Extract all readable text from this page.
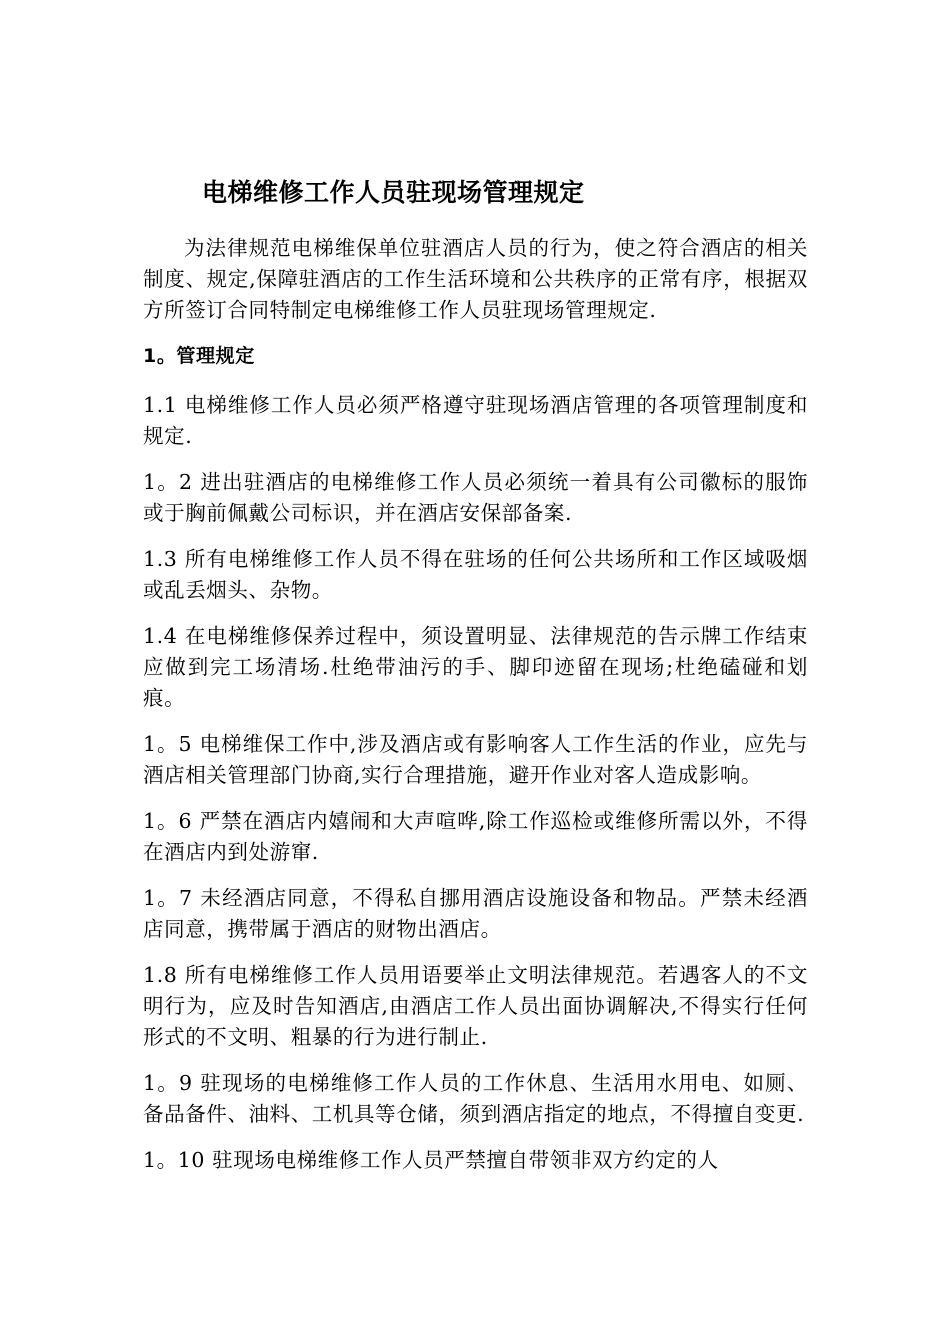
电梯维修工作人员驻现场管理规定

为法律规范电梯维保单位驻酒店人员的行为，使之符合酒店的相关制度、规定,保障驻酒店的工作生活环境和公共秩序的正常有序，根据双方所签订合同特制定电梯维修工作人员驻现场管理规定.

1。管理规定

1.1 电梯维修工作人员必须严格遵守驻现场酒店管理的各项管理制度和规定.

1。2 进出驻酒店的电梯维修工作人员必须统一着具有公司徽标的服饰或于胸前佩戴公司标识，并在酒店安保部备案.

1.3 所有电梯维修工作人员不得在驻场的任何公共场所和工作区域吸烟或乱丢烟头、杂物。

1.4 在电梯维修保养过程中，须设置明显、法律规范的告示牌工作结束应做到完工场清场.杜绝带油污的手、脚印迹留在现场;杜绝磕碰和划痕。

1。5 电梯维保工作中,涉及酒店或有影响客人工作生活的作业，应先与酒店相关管理部门协商,实行合理措施，避开作业对客人造成影响。

1。6 严禁在酒店内嬉闹和大声喧哗,除工作巡检或维修所需以外，不得在酒店内到处游窜.

1。7 未经酒店同意，不得私自挪用酒店设施设备和物品。严禁未经酒店同意，携带属于酒店的财物出酒店。

1.8 所有电梯维修工作人员用语要举止文明法律规范。若遇客人的不文明行为，应及时告知酒店,由酒店工作人员出面协调解决,不得实行任何形式的不文明、粗暴的行为进行制止.

1。9 驻现场的电梯维修工作人员的工作休息、生活用水用电、如厕、备品备件、油料、工机具等仓储，须到酒店指定的地点，不得擅自变更.

1。10 驻现场电梯维修工作人员严禁擅自带领非双方约定的人
